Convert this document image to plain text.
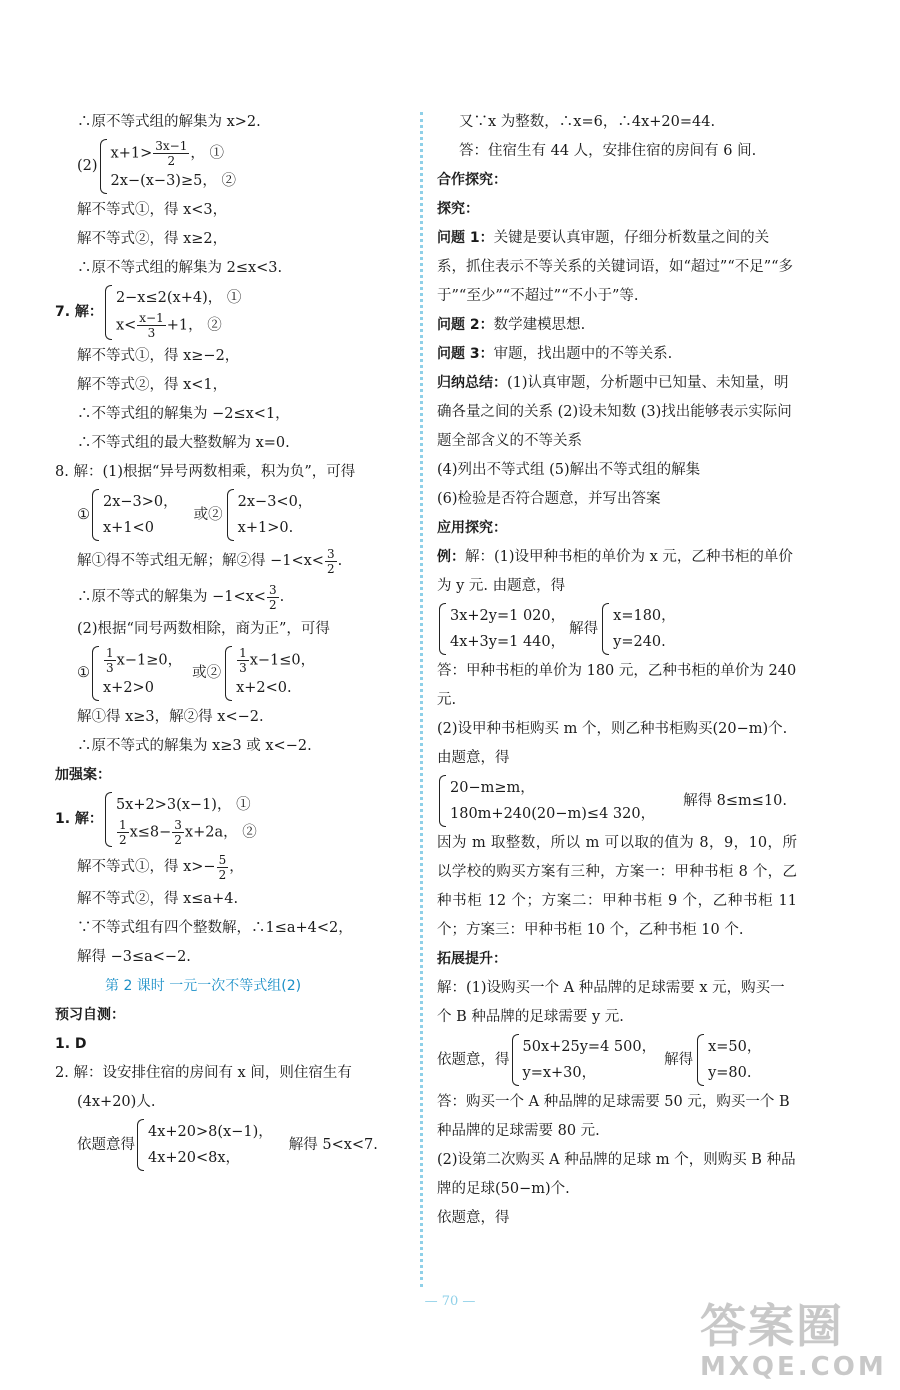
∴原不等式组的解集为 x>2.
(2)
$x+1> \frac{3x-1}{2}$ ， ①
2x−(x−3)≥5， ②
解不等式①，得 x<3，
解不等式②，得 x≥2，
∴原不等式组的解集为 2≤x<3.
7. 解：
2−x≤2(x+4)， ①
$x< \frac{x-1}{3} +1$， ②
解不等式①，得 x≥−2，
解不等式②，得 x<1，
∴不等式组的解集为 −2≤x<1，
∴不等式组的最大整数解为 x=0.
8. 解：(1)根据“异号两数相乘，积为负”，可得
①
2x−3>0，
x+1<0
或②
2x−3<0，
x+1>0.
解①得不等式组无解；解②得 $-1<x< \frac{3}{2}$ .
∴原不等式的解集为 $-1<x< \frac{3}{2}$ .
(2)根据“同号两数相除，商为正”，可得
① $\frac{1}{3} x-1\ge 0$，
x+2>0
或② $\frac{1}{3} x-1\le 0$，
x+2<0.
解①得 x≥3，解②得 x<−2.
∴原不等式的解集为 x≥3 或 x<−2.
加强案：
1. 解：
5x+2>3(x−1)， ①
$\frac{1}{2} x\le 8- \frac{3}{2} x+2a$， ②
解不等式①，得 $x>- \frac{5}{2}$ ，
解不等式②，得 x≤a+4.
∵不等式组有四个整数解，∴1≤a+4<2，
解得 −3≤a<−2.
第 2 课时 一元一次不等式组(2)
预习自测：
1. D
2. 解：设安排住宿的房间有 x 间，则住宿生有(4x+20)人.
依题意得
4x+20>8(x−1)，
4x+20<8x，
解得 5<x<7.
又∵x 为整数，∴x=6，∴4x+20=44.
答：住宿生有 44 人，安排住宿的房间有 6 间.
合作探究：
探究：
问题 1：关键是要认真审题，仔细分析数量之间的关系，抓住表示不等关系的关键词语，如“超过”“不足”“多于”“至少”“不超过”“不小于”等.
问题 2：数学建模思想.
问题 3：审题，找出题中的不等关系.
归纳总结：(1)认真审题，分析题中已知量、未知量，明确各量之间的关系 (2)设未知数 (3)找出能够表示实际问题全部含义的不等关系
(4)列出不等式组 (5)解出不等式组的解集
(6)检验是否符合题意，并写出答案
应用探究：
例：解：(1)设甲种书柜的单价为 x 元，乙种书柜的单价为 y 元. 由题意，得
3x+2y=1 020，
4x+3y=1 440，
解得
x=180，
y=240.
答：甲种书柜的单价为 180 元，乙种书柜的单价为 240 元.
(2)设甲种书柜购买 m 个，则乙种书柜购买(20−m)个. 由题意，得
20−m≥m，
180m+240(20−m)≤4 320，
解得 8≤m≤10.
因为 m 取整数，所以 m 可以取的值为 8，9，10，所以学校的购买方案有三种，方案一：甲种书柜 8 个，乙种书柜 12 个；方案二：甲种书柜 9 个，乙种书柜 11 个；方案三：甲种书柜 10 个，乙种书柜 10 个.
拓展提升：
解：(1)设购买一个 A 种品牌的足球需要 x 元，购买一个 B 种品牌的足球需要 y 元.
依题意，得
50x+25y=4 500，
y=x+30，
解得
x=50，
y=80.
答：购买一个 A 种品牌的足球需要 50 元，购买一个 B 种品牌的足球需要 80 元.
(2)设第二次购买 A 种品牌的足球 m 个，则购买 B 种品牌的足球(50−m)个.
依题意，得
— 70 —	答案圈
MXQE.COM
